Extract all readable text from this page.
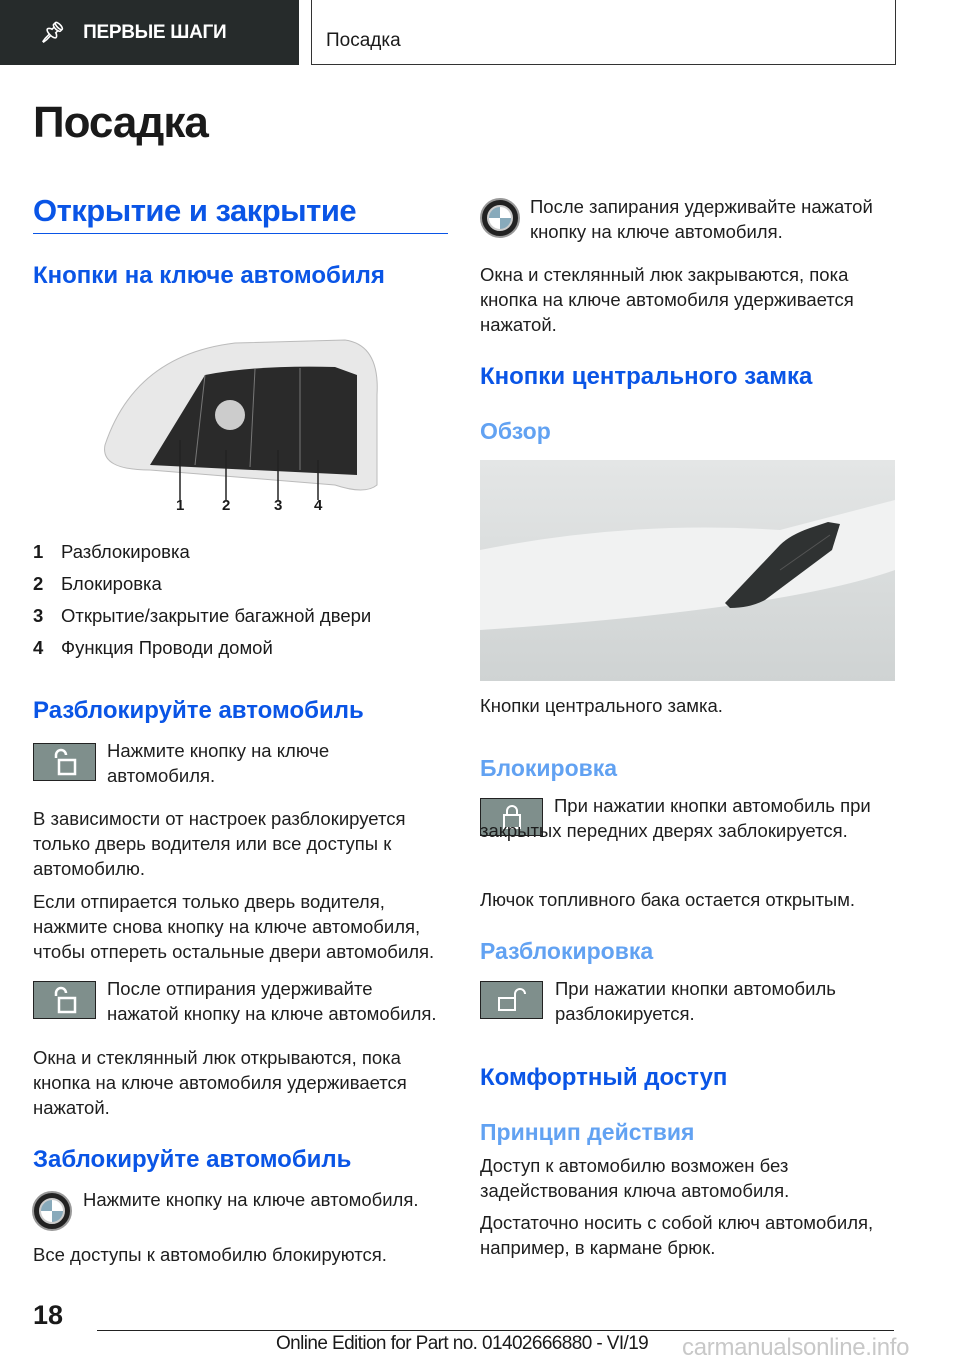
📌︎ ПЕРВЫЕ ШАГИ	Посадка
Посадка
Открытие и закрытие
Кнопки на ключе автомобиля
1	2	3 4
1 Разблокировка
2 Блокировка
3 Открытие/закрытие багажной двери
4 Функция Проводи домой
Разблокируйте автомобиль
Нажмите кнопку на ключе автомобиля.
В зависимости от настроек разблокируется только дверь водителя или все доступы к автомобилю.
Если отпирается только дверь водителя, нажмите снова кнопку на ключе автомобиля, чтобы отпереть остальные двери автомобиля.
После отпирания удерживайте нажатой кнопку на ключе автомобиля.
Окна и стеклянный люк открываются, пока кнопка на ключе автомобиля удерживается нажатой.
Заблокируйте автомобиль
Нажмите кнопку на ключе автомобиля.
Все доступы к автомобилю блокируются.
После запирания удерживайте нажатой кнопку на ключе автомобиля.
Окна и стеклянный люк закрываются, пока кнопка на ключе автомобиля удерживается нажатой.
Кнопки центрального замка
Обзор
Кнопки центрального замка.
Блокировка
При нажатии кнопки автомобиль при закрытых передних дверях заблокируется.
Лючок топливного бака остается открытым.
Разблокировка
При нажатии кнопки автомобиль разблокируется.
Комфортный доступ
Принцип действия
Доступ к автомобилю возможен без задействования ключа автомобиля.
Достаточно носить с собой ключ автомобиля, например, в кармане брюк.
18
Online Edition for Part no. 01402666880 - VI/19 carmanualsonline.info
